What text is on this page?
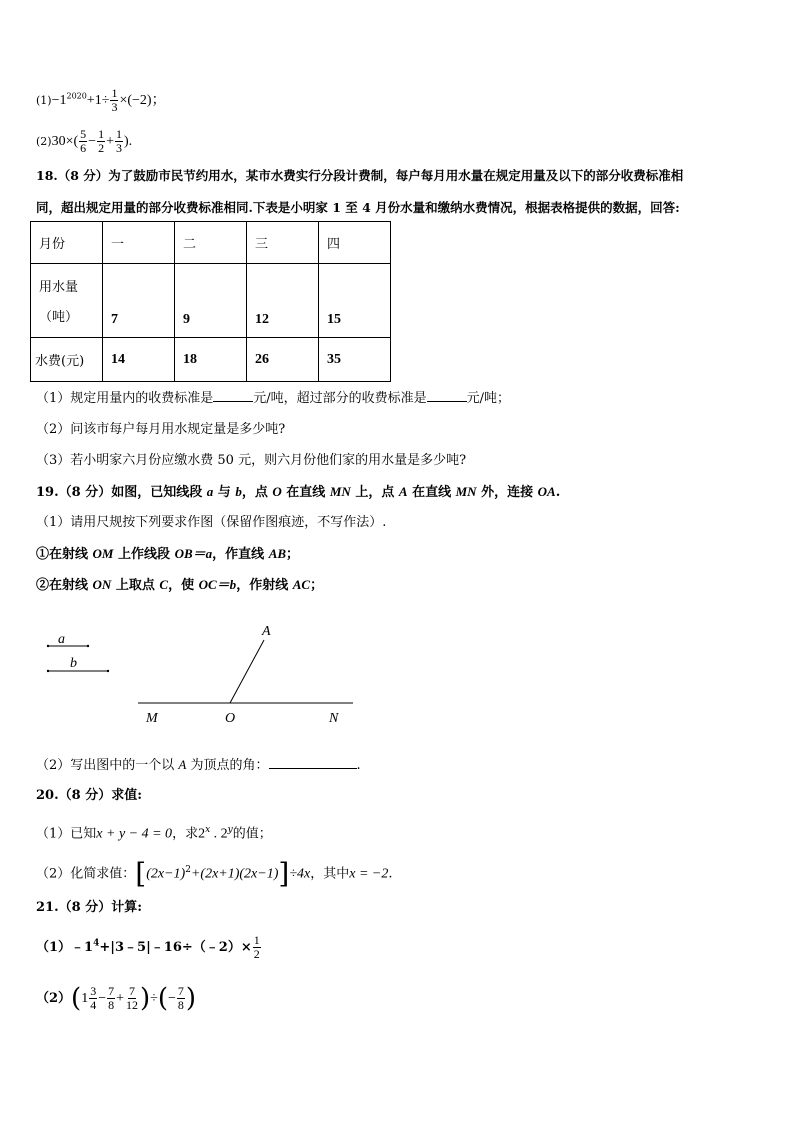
$(1)-1^{2020}+1\div \frac{1}{3} \times(-2)$；
$(2)30\times( \frac{5}{6} - \frac{1}{2} + \frac{1}{3}$ ).
18.（8 分）为了鼓励市民节约用水，某市水费实行分段计费制，每户每月用水量在规定用量及以下的部分收费标准相
同，超出规定用量的部分收费标准相同.下表是小明家 1 至 4 月份水量和缴纳水费情况，根据表格提供的数据，回答:
月份	一	二	三	四

用水量
（吨）	7	9	12	15
水费(元)	14	18	26	35
（1）规定用量内的收费标准是	元/吨，超过部分的收费标准是	元/吨；
（2）问该市每户每月用水规定量是多少吨?
（3）若小明家六月份应缴水费 50 元，则六月份他们家的用水量是多少吨?
19.（8 分）如图，已知线段 a 与 b，点 O 在直线 MN 上，点 A 在直线 MN 外，连接 OA.
（1）请用尺规按下列要求作图（保留作图痕迹，不写作法）.
①在射线 OM 上作线段 OB＝a，作直线 AB；
②在射线 ON 上取点 C，使 OC＝b，作射线 AC；
a
b
A
M	O	N
（2）写出图中的一个以 A 为顶点的角：	.
20.（8 分）求值:
（1）已知x + y − 4 = 0，求2$^x$ . 2$^y$的值；
（2）化简求值：$[(2x-1)^2+(2x+1)(2x-1)]\div 4x$，其中x = −2.
21.（8 分）计算:
$(1)﹣1^4+|3﹣5|﹣16\div(﹣2)\times \frac{1}{2}$
$(2)(1 \frac{3}{4} - \frac{7}{8} + \frac{7}{12}$ )÷(− $\frac{7}{8}$ )
